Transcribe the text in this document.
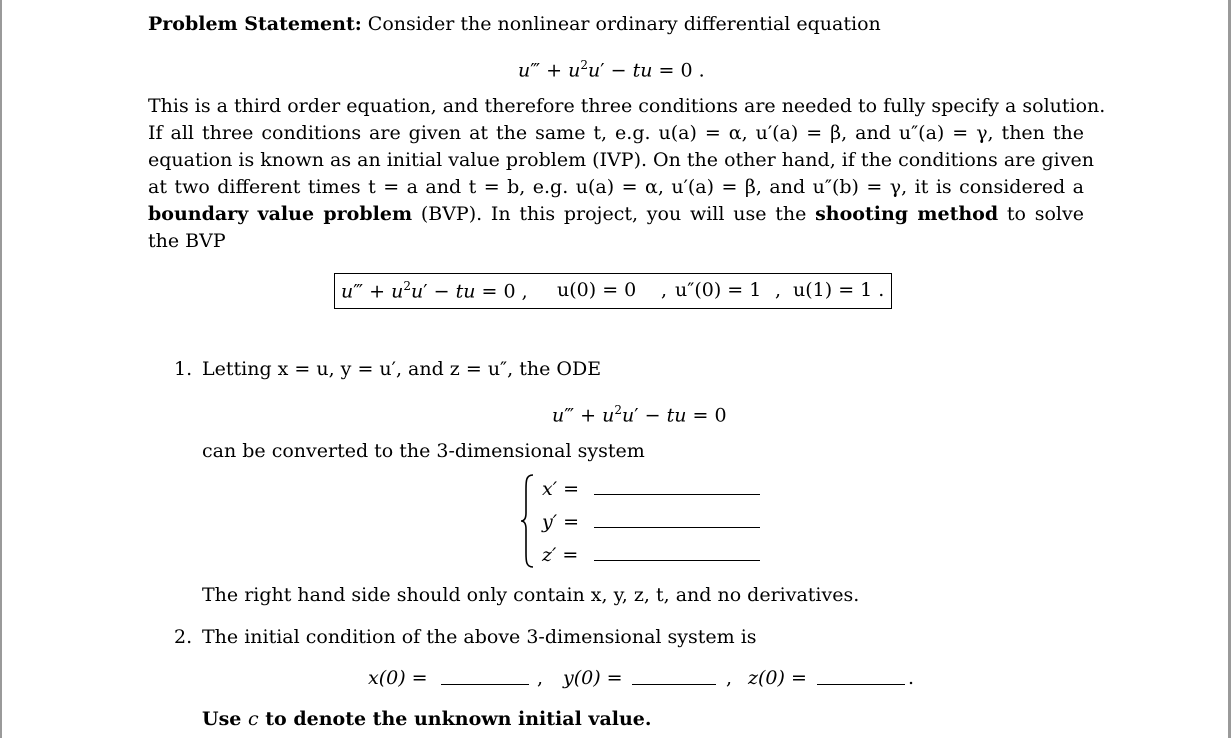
Problem Statement: Consider the nonlinear ordinary differential equation
u‴ + $u^2u'$ − tu = 0 .
This is a third order equation, and therefore three conditions are needed to fully specify a solution.
If all three conditions are given at the same t, e.g. u(a) = α, u′(a) = β, and u″(a) = γ, then the
equation is known as an initial value problem (IVP). On the other hand, if the conditions are given
at two different times t = a and t = b, e.g. u(a) = α, u′(a) = β, and u″(b) = γ, it is considered a
boundary value problem (BVP). In this project, you will use the shooting method to solve
the BVP
u‴ + $u^2u'$ − tu = 0 , u(0) = 0 , u″(0) = 1 , u(1) = 1 .
1. Letting x = u, y = u′, and z = u″, the ODE
u‴ + $u^2u'$ − tu = 0
can be converted to the 3-dimensional system
x′ =
y′ =
z′ =
The right hand side should only contain x, y, z, t, and no derivatives.
2. The initial condition of the above 3-dimensional system is
x(0) =	, y(0) =	, z(0) =	.
Use c to denote the unknown initial value.
